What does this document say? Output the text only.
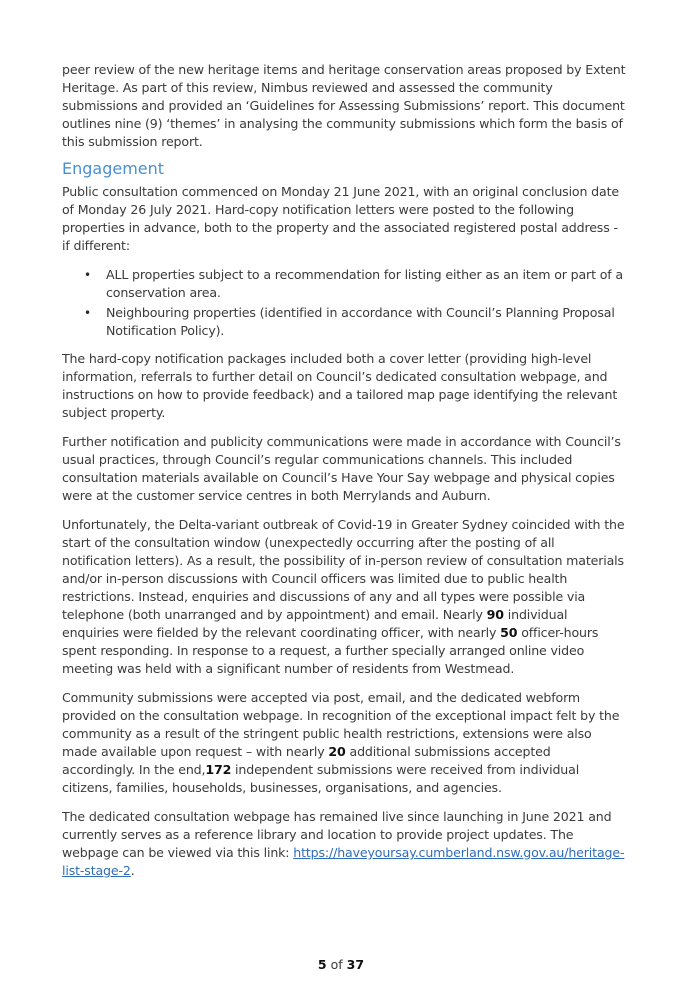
peer review of the new heritage items and heritage conservation areas proposed by Extent Heritage. As part of this review, Nimbus reviewed and assessed the community submissions and provided an ‘Guidelines for Assessing Submissions’ report. This document outlines nine (9) ‘themes’ in analysing the community submissions which form the basis of this submission report.

Engagement

Public consultation commenced on Monday 21 June 2021, with an original conclusion date of Monday 26 July 2021. Hard-copy notification letters were posted to the following properties in advance, both to the property and the associated registered postal address - if different:

• ALL properties subject to a recommendation for listing either as an item or part of a conservation area.
• Neighbouring properties (identified in accordance with Council’s Planning Proposal Notification Policy).

The hard-copy notification packages included both a cover letter (providing high-level information, referrals to further detail on Council’s dedicated consultation webpage, and instructions on how to provide feedback) and a tailored map page identifying the relevant subject property.

Further notification and publicity communications were made in accordance with Council’s usual practices, through Council’s regular communications channels. This included consultation materials available on Council’s Have Your Say webpage and physical copies were at the customer service centres in both Merrylands and Auburn.

Unfortunately, the Delta-variant outbreak of Covid-19 in Greater Sydney coincided with the start of the consultation window (unexpectedly occurring after the posting of all notification letters). As a result, the possibility of in-person review of consultation materials and/or in-person discussions with Council officers was limited due to public health restrictions. Instead, enquiries and discussions of any and all types were possible via telephone (both unarranged and by appointment) and email. Nearly 90 individual enquiries were fielded by the relevant coordinating officer, with nearly 50 officer-hours spent responding. In response to a request, a further specially arranged online video meeting was held with a significant number of residents from Westmead.

Community submissions were accepted via post, email, and the dedicated webform provided on the consultation webpage. In recognition of the exceptional impact felt by the community as a result of the stringent public health restrictions, extensions were also made available upon request – with nearly 20 additional submissions accepted accordingly. In the end,172 independent submissions were received from individual citizens, families, households, businesses, organisations, and agencies.

The dedicated consultation webpage has remained live since launching in June 2021 and currently serves as a reference library and location to provide project updates. The webpage can be viewed via this link: https://haveyoursay.cumberland.nsw.gov.au/heritage-list-stage-2.

5 of 37
